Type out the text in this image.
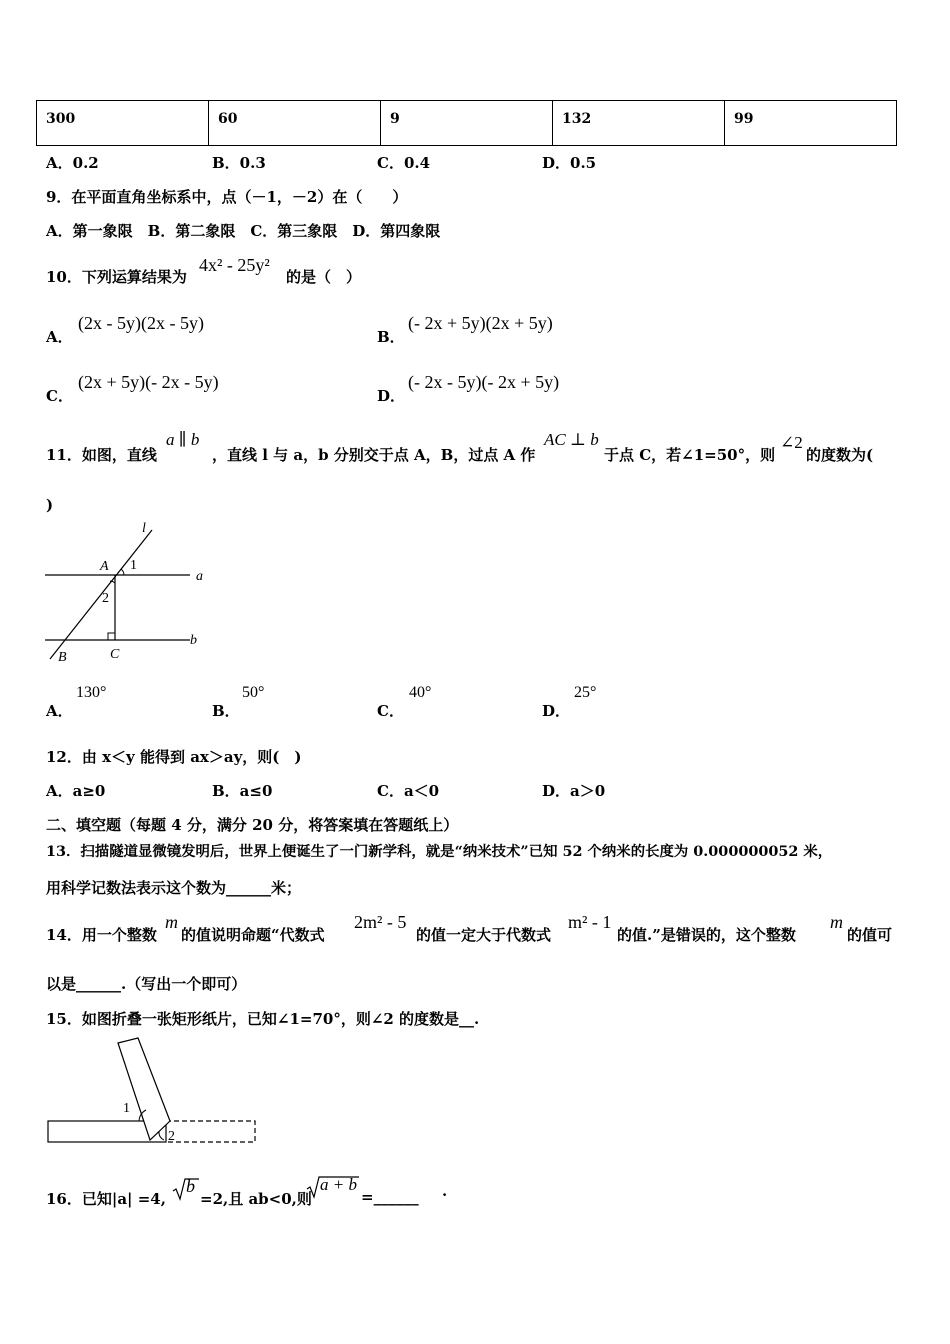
300	60	9	132	99
A．0.2	B．0.3	C．0.4	D．0.5
9．在平面直角坐标系中，点（－1，－2）在（　　）
A．第一象限　B．第二象限　C．第三象限　D．第四象限
10．下列运算结果为
4x² - 25y²
的是（　）
A．
(2x - 5y)(2x - 5y)
B．
(- 2x + 5y)(2x + 5y)
C．
(2x + 5y)(- 2x - 5y)
D．
(- 2x - 5y)(- 2x + 5y)
11．如图，直线
a ∥ b
，直线 l 与 a，b 分别交于点 A，B，过点 A 作
AC ⊥ b
于点 C，若∠1=50°，则
∠2
的度数为(
)
l
A 1
a
2
B	C
b
A．
130°
B．
50°
C．
40°
D．
25°
12．由 x＜y 能得到 ax＞ay，则(　)
A．a≥0	B．a≤0	C．a＜0	D．a＞0
二、填空题（每题 4 分，满分 20 分，将答案填在答题纸上）
13．扫描隧道显微镜发明后，世界上便诞生了一门新学科，就是“纳米技术”已知 52 个纳米的长度为 0.000000052 米，
用科学记数法表示这个数为______米；
14．用一个整数
m
的值说明命题“代数式
2m² - 5
的值一定大于代数式
m² - 1
的值.”是错误的，这个整数
m
的值可
以是______.（写出一个即可）
15．如图折叠一张矩形纸片，已知∠1=70°，则∠2 的度数是__.
1
2
16．已知|a| =4,
b
=2,且 ab<0,则
a + b
=______ ·
